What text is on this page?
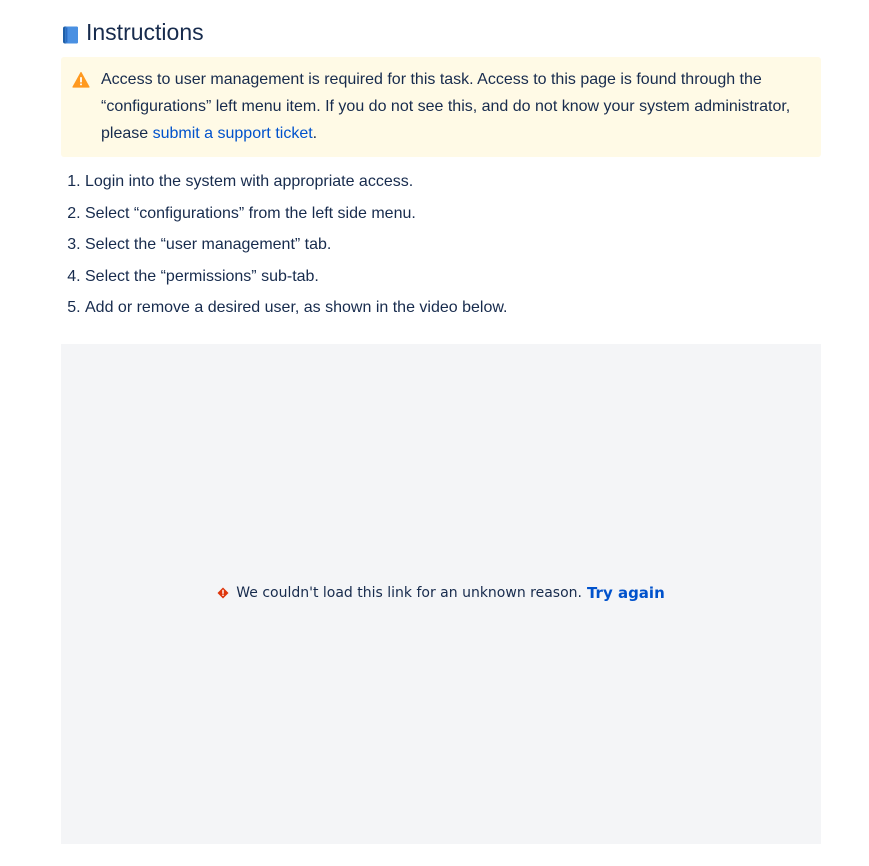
Instructions
Access to user management is required for this task. Access to this page is found through the “configurations” left menu item. If you do not see this, and do not know your system administrator, please submit a support ticket.
1. Login into the system with appropriate access.
2. Select “configurations” from the left side menu.
3. Select the “user management” tab.
4. Select the “permissions” sub-tab.
5. Add or remove a desired user, as shown in the video below.
We couldn't load this link for an unknown reason. Try again
